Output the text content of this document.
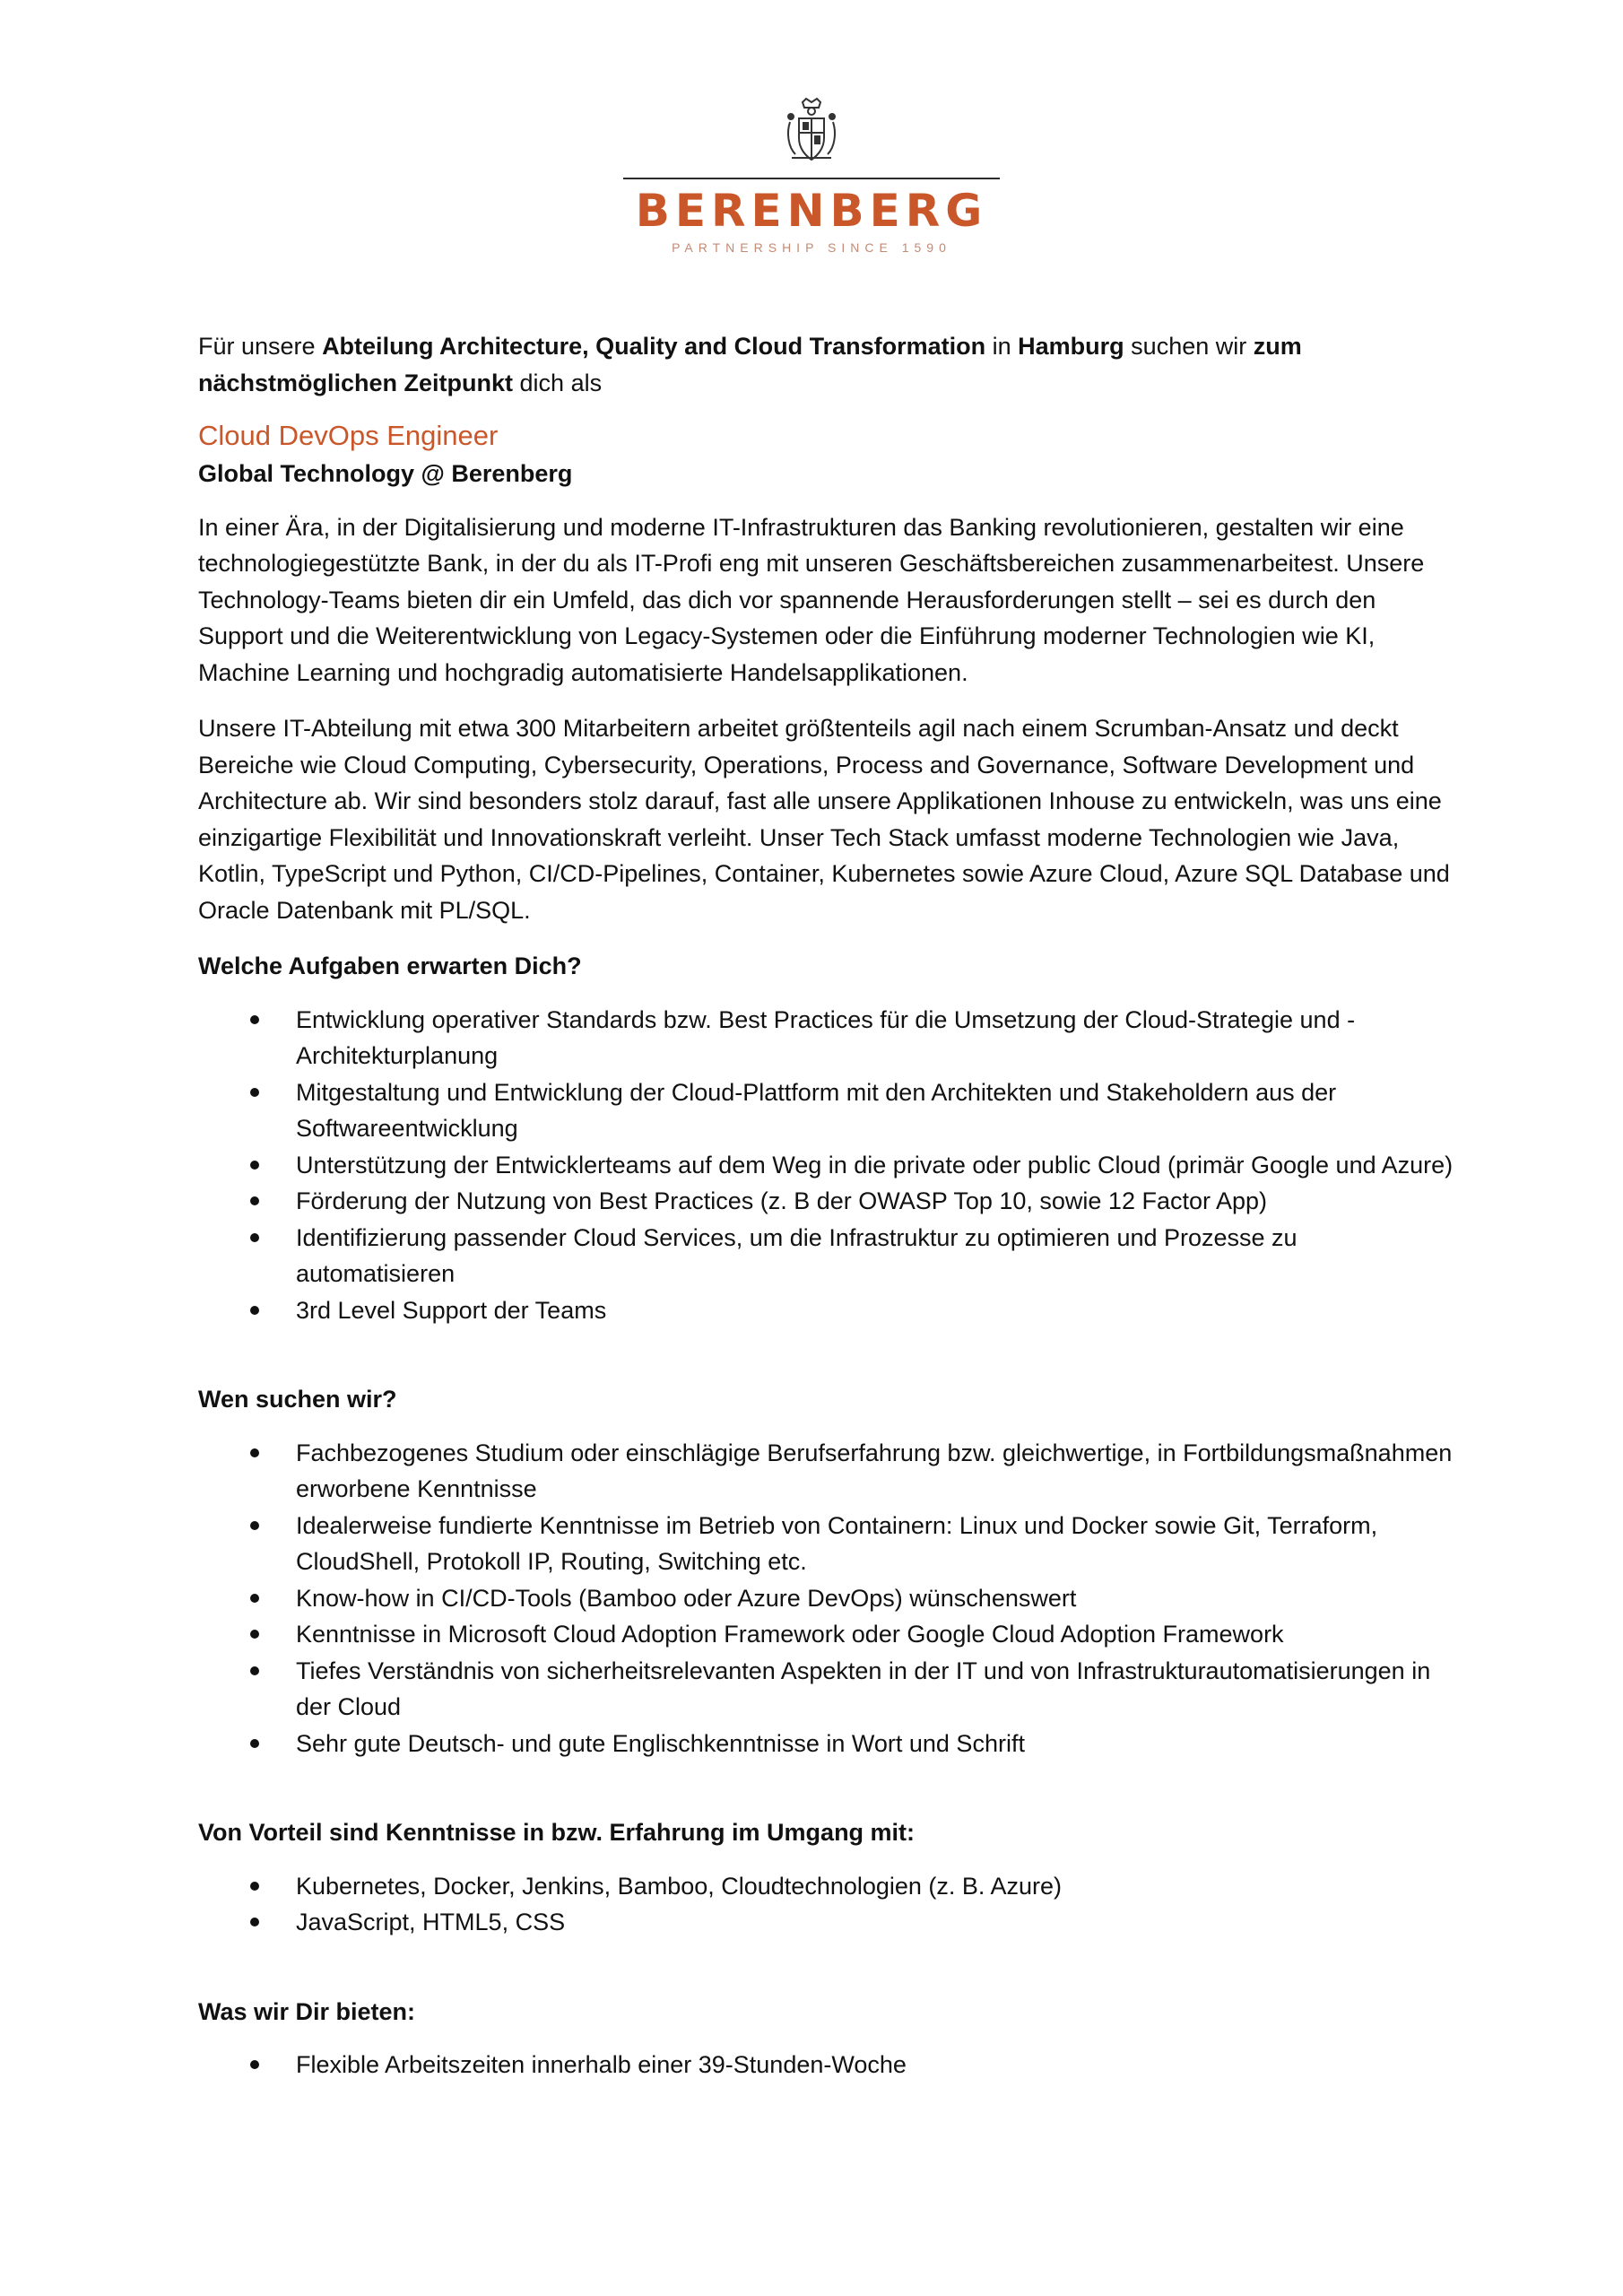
BERENBERG
PARTNERSHIP SINCE 1590

Für unsere Abteilung Architecture, Quality and Cloud Transformation in Hamburg suchen wir zum nächstmöglichen Zeitpunkt dich als

Cloud DevOps Engineer

Global Technology @ Berenberg

In einer Ära, in der Digitalisierung und moderne IT-Infrastrukturen das Banking revolutionieren, gestalten wir eine technologiegestützte Bank, in der du als IT-Profi eng mit unseren Geschäftsbereichen zusammenarbeitest. Unsere Technology-Teams bieten dir ein Umfeld, das dich vor spannende Herausforderungen stellt – sei es durch den Support und die Weiterentwicklung von Legacy-Systemen oder die Einführung moderner Technologien wie KI, Machine Learning und hochgradig automatisierte Handelsapplikationen.

Unsere IT-Abteilung mit etwa 300 Mitarbeitern arbeitet größtenteils agil nach einem Scrumban-Ansatz und deckt Bereiche wie Cloud Computing, Cybersecurity, Operations, Process and Governance, Software Development und Architecture ab. Wir sind besonders stolz darauf, fast alle unsere Applikationen Inhouse zu entwickeln, was uns eine einzigartige Flexibilität und Innovationskraft verleiht. Unser Tech Stack umfasst moderne Technologien wie Java, Kotlin, TypeScript und Python, CI/CD-Pipelines, Container, Kubernetes sowie Azure Cloud, Azure SQL Database und Oracle Datenbank mit PL/SQL.

Welche Aufgaben erwarten Dich?

Entwicklung operativer Standards bzw. Best Practices für die Umsetzung der Cloud-Strategie und - Architekturplanung
Mitgestaltung und Entwicklung der Cloud-Plattform mit den Architekten und Stakeholdern aus der Softwareentwicklung
Unterstützung der Entwicklerteams auf dem Weg in die private oder public Cloud (primär Google und Azure)
Förderung der Nutzung von Best Practices (z. B der OWASP Top 10, sowie 12 Factor App)
Identifizierung passender Cloud Services, um die Infrastruktur zu optimieren und Prozesse zu automatisieren
3rd Level Support der Teams

Wen suchen wir?

Fachbezogenes Studium oder einschlägige Berufserfahrung bzw. gleichwertige, in Fortbildungsmaßnahmen erworbene Kenntnisse
Idealerweise fundierte Kenntnisse im Betrieb von Containern: Linux und Docker sowie Git, Terraform, CloudShell, Protokoll IP, Routing, Switching etc.
Know-how in CI/CD-Tools (Bamboo oder Azure DevOps) wünschenswert
Kenntnisse in Microsoft Cloud Adoption Framework oder Google Cloud Adoption Framework
Tiefes Verständnis von sicherheitsrelevanten Aspekten in der IT und von Infrastrukturautomatisierungen in der Cloud
Sehr gute Deutsch- und gute Englischkenntnisse in Wort und Schrift

Von Vorteil sind Kenntnisse in bzw. Erfahrung im Umgang mit:

Kubernetes, Docker, Jenkins, Bamboo, Cloudtechnologien (z. B. Azure)
JavaScript, HTML5, CSS

Was wir Dir bieten:

Flexible Arbeitszeiten innerhalb einer 39-Stunden-Woche
